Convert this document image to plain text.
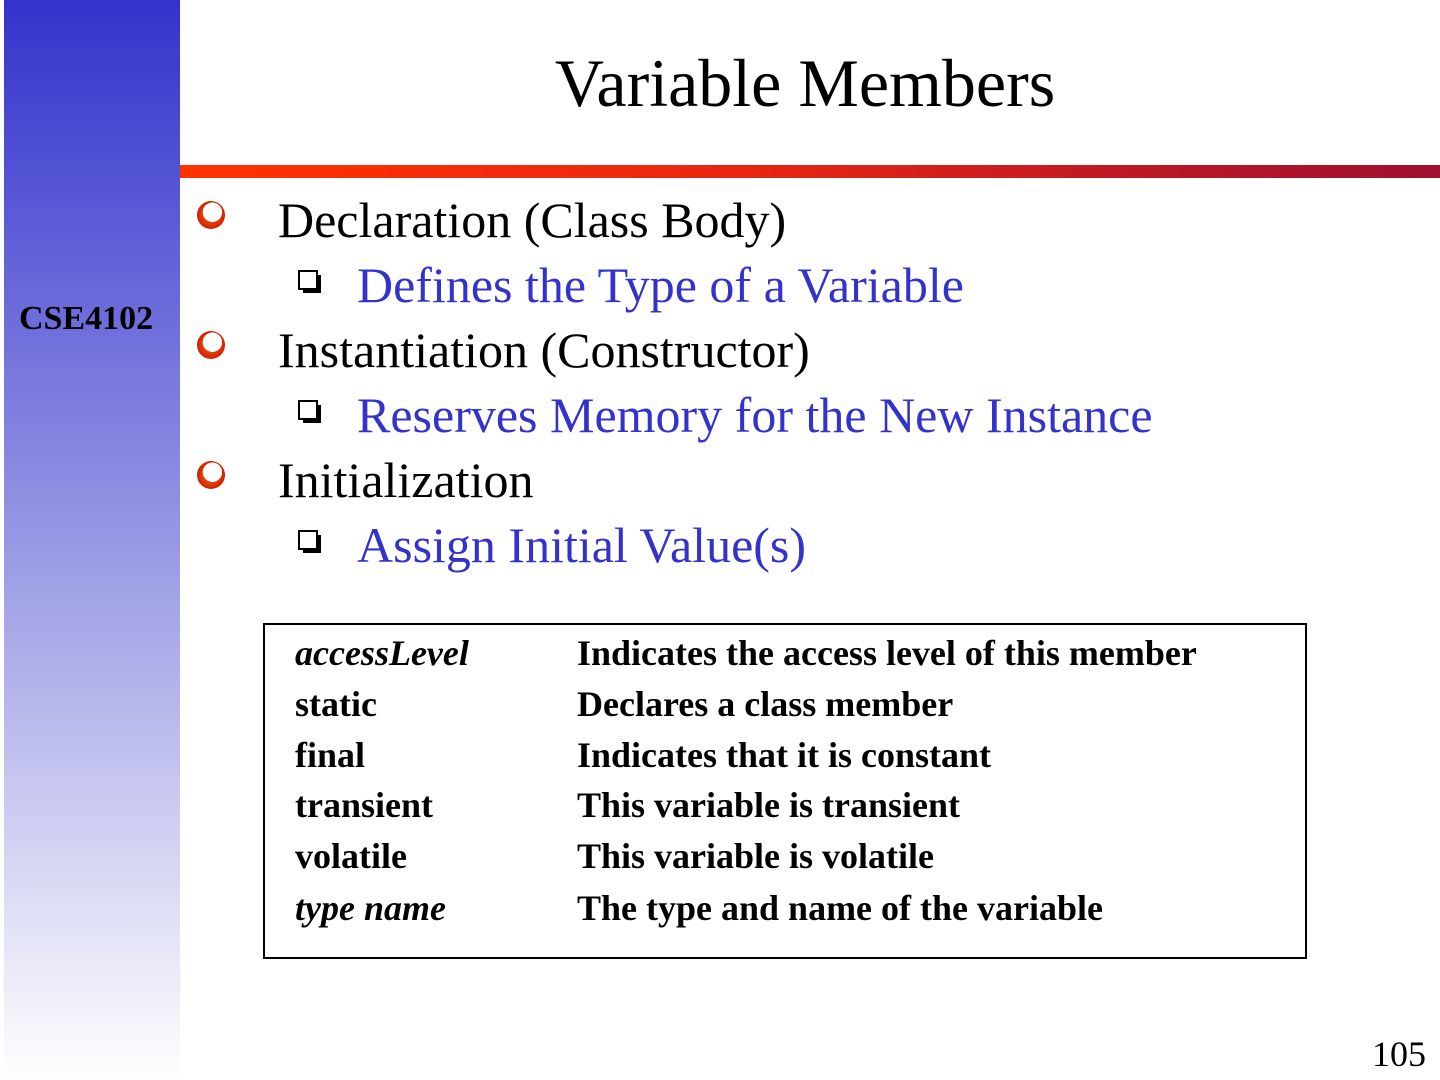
CSE4102
Variable Members
Declaration (Class Body)
Defines the Type of a Variable
Instantiation (Constructor)
Reserves Memory for the New Instance
Initialization
Assign Initial Value(s)
accessLevel	Indicates the access level of this member
static	Declares a class member
final	Indicates that it is constant
transient	This variable is transient
volatile	This variable is volatile
type name	The type and name of the variable
105
